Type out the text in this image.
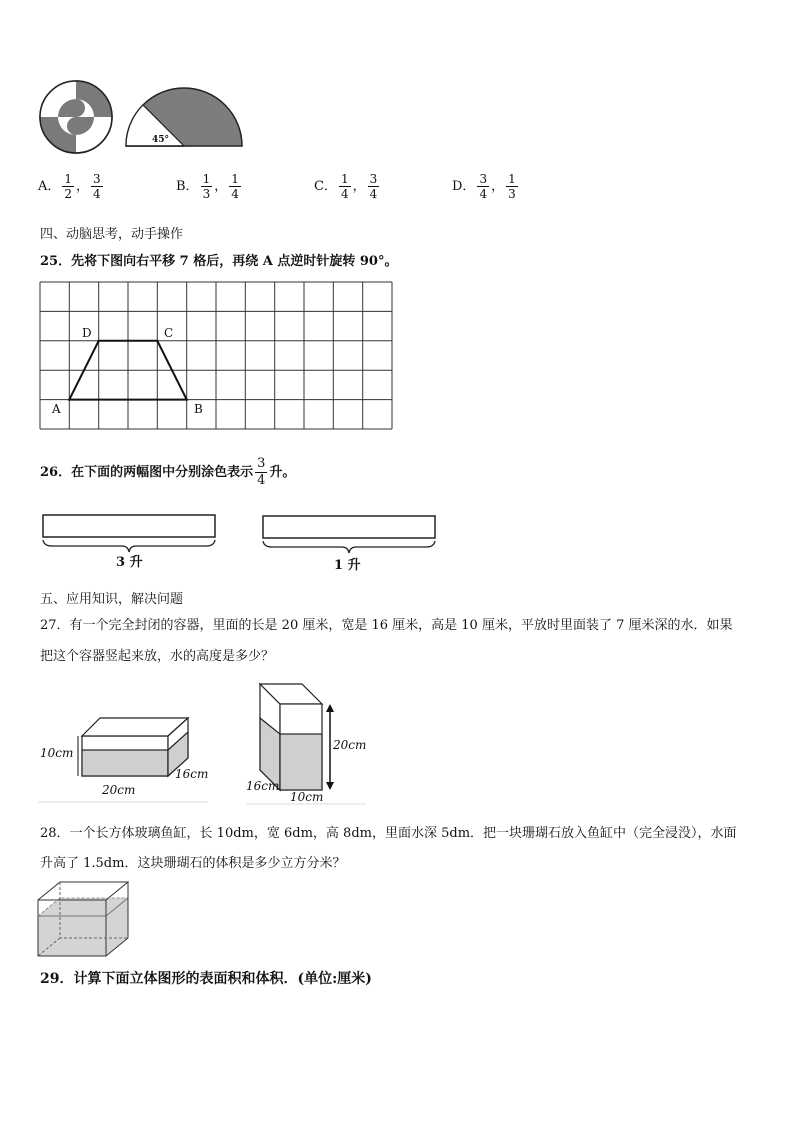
45°
A． $\frac{1}{2}$ ， $\frac{3}{4}$	B． $\frac{1}{3}$ ， $\frac{1}{4}$	C． $\frac{1}{4}$ ， $\frac{3}{4}$	D． $\frac{3}{4}$ ， $\frac{1}{3}$
四、动脑思考，动手操作
25．先将下图向右平移 7 格后，再绕 A 点逆时针旋转 90°。
A	B
C
D
26．在下面的两幅图中分别涂色表示 $\frac{3}{4}$ 升。
3 升	1 升
五、应用知识，解决问题
27．有一个完全封闭的容器，里面的长是 20 厘米，宽是 16 厘米，高是 10 厘米，平放时里面装了 7 厘米深的水．如果
把这个容器竖起来放，水的高度是多少？
10cm
20cm
16cm
20cm
16cm
10cm
28．一个长方体玻璃鱼缸，长 10dm，宽 6dm，高 8dm，里面水深 5dm．把一块珊瑚石放入鱼缸中（完全浸没），水面
升高了 1.5dm．这块珊瑚石的体积是多少立方分米？
29．计算下面立体图形的表面积和体积．(单位:厘米)
